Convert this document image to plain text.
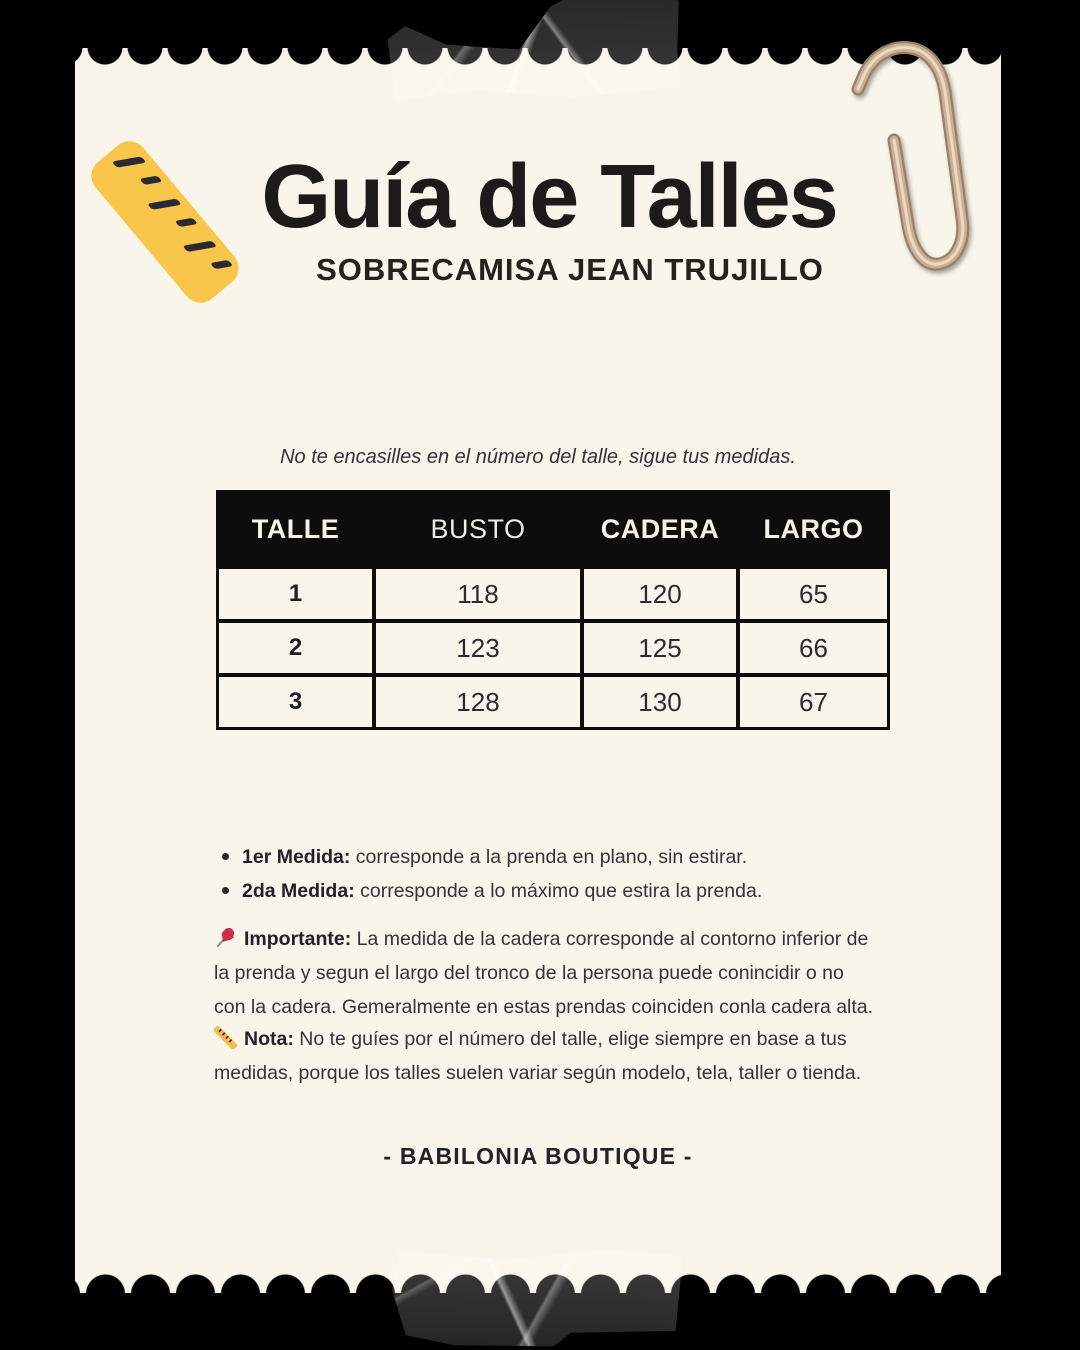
Guía de Talles
SOBRECAMISA JEAN TRUJILLO
No te encasilles en el número del talle, sigue tus medidas.
TALLE	BUSTO	CADERA	LARGO
1	118	120	65
2	123	125	66
3	128	130	67
1er Medida: corresponde a la prenda en plano, sin estirar.
2da Medida: corresponde a lo máximo que estira la prenda.
Importante: La medida de la cadera corresponde al contorno inferior de la prenda y segun el largo del tronco de la persona puede conincidir o no con la cadera. Gemeralmente en estas prendas coinciden conla cadera alta.
Nota: No te guíes por el número del talle, elige siempre en base a tus medidas, porque los talles suelen variar según modelo, tela, taller o tienda.
- BABILONIA BOUTIQUE -
